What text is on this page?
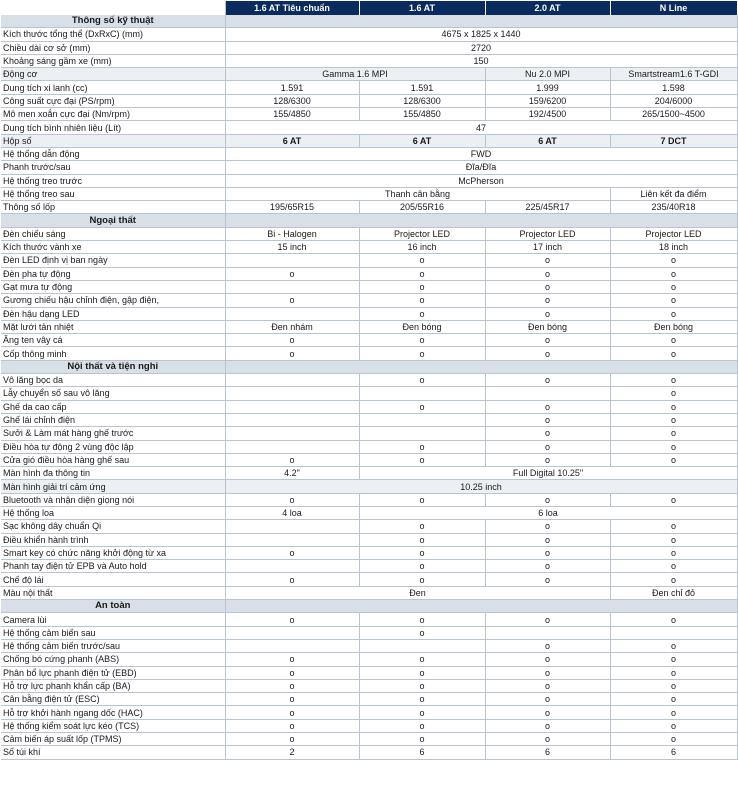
	1.6 AT Tiêu chuẩn	1.6 AT	2.0 AT	N Line
Thông số kỹ thuật				
Kích thước tổng thể (DxRxC) (mm)	4675 x 1825 x 1440			
Chiều dài cơ sở (mm)	2720			
Khoảng sáng gầm xe (mm)	150			
Động cơ	Gamma 1.6 MPI		Nu 2.0 MPI	Smartstream1.6 T-GDI
Dung tích xi lanh (cc)	1.591	1.591	1.999	1.598
Công suất cực đại (PS/rpm)	128/6300	128/6300	159/6200	204/6000
Mô men xoắn cực đại (Nm/rpm)	155/4850	155/4850	192/4500	265/1500~4500
Dung tích bình nhiên liệu (Lít)	47			
Hộp số	6 AT	6 AT	6 AT	7 DCT
Hệ thống dẫn động	FWD			
Phanh trước/sau	Đĩa/Đĩa			
Hệ thống treo trước	McPherson			
Hệ thống treo sau	Thanh cân bằng			Liên kết đa điểm
Thông số lốp	195/65R15	205/55R16	225/45R17	235/40R18
Ngoại thất				
Đèn chiếu sáng	Bi - Halogen	Projector LED	Projector LED	Projector LED
Kích thước vành xe	15 inch	16 inch	17 inch	18 inch
Đèn LED định vị ban ngày		o	o	o
Đèn pha tự động	o	o	o	o
Gạt mưa tự động		o	o	o
Gương chiếu hậu chỉnh điện, gập điện,	o	o	o	o
Đèn hậu dạng LED		o	o	o
Mặt lưới tản nhiệt	Đen nhám	Đen bóng	Đen bóng	Đen bóng
Ăng ten vây cá	o	o	o	o
Cốp thông minh	o	o	o	o
Nội thất và tiện nghi				
Vô lăng bọc da		o	o	o
Lẫy chuyển số sau vô lăng				o
Ghế da cao cấp		o	o	o
Ghế lái chỉnh điện			o	o
Sưởi & Làm mát hàng ghế trước			o	o
Điều hòa tự động 2 vùng độc lập		o	o	o
Cửa gió điều hòa hàng ghế sau	o	o	o	o
Màn hình đa thông tin	4.2"	Full Digital 10.25"		
Màn hình giải trí cảm ứng	10.25 inch			
Bluetooth và nhận diện giọng nói	o	o	o	o
Hệ thống loa	4 loa	6 loa		
Sạc không dây chuẩn Qi		o	o	o
Điều khiển hành trình		o	o	o
Smart key có chức năng khởi động từ xa	o	o	o	o
Phanh tay điện tử EPB và Auto hold		o	o	o
Chế độ lái	o	o	o	o
Màu nội thất	Đen			Đen chỉ đỏ
An toàn				
Camera lùi	o	o	o	o
Hệ thống cảm biến sau		o		
Hệ thống cảm biến trước/sau			o	o
Chống bó cứng phanh (ABS)	o	o	o	o
Phân bổ lực phanh điện tử (EBD)	o	o	o	o
Hỗ trợ lực phanh khẩn cấp (BA)	o	o	o	o
Cân bằng điện tử (ESC)	o	o	o	o
Hỗ trợ khởi hành ngang dốc (HAC)	o	o	o	o
Hệ thống kiểm soát lực kéo (TCS)	o	o	o	o
Cảm biến áp suất lốp (TPMS)	o	o	o	o
Số túi khí	2	6	6	6
